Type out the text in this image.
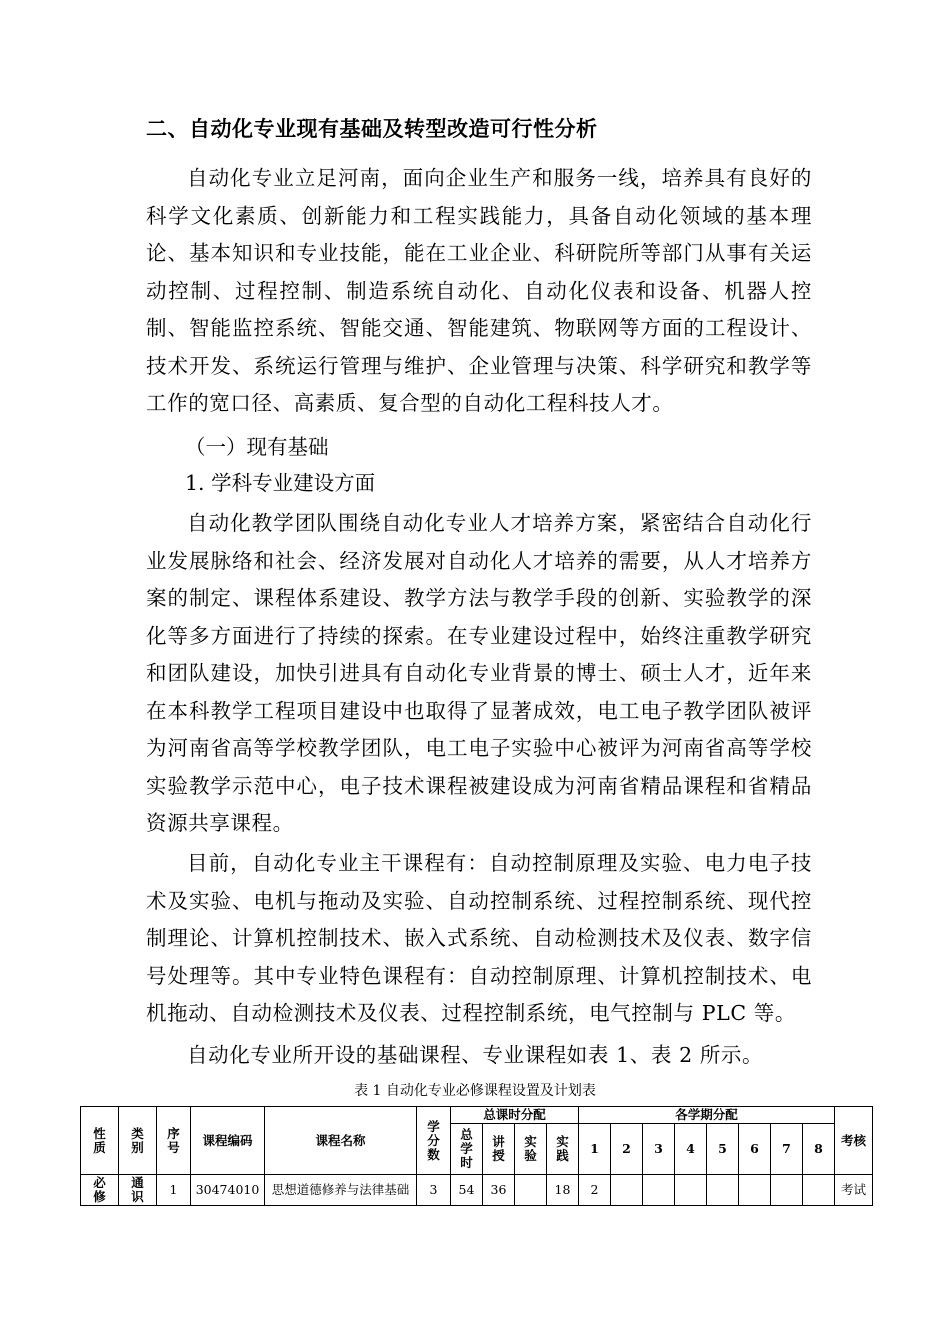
二、自动化专业现有基础及转型改造可行性分析

自动化专业立足河南，面向企业生产和服务一线，培养具有良好的科学文化素质、创新能力和工程实践能力，具备自动化领域的基本理论、基本知识和专业技能，能在工业企业、科研院所等部门从事有关运动控制、过程控制、制造系统自动化、自动化仪表和设备、机器人控制、智能监控系统、智能交通、智能建筑、物联网等方面的工程设计、技术开发、系统运行管理与维护、企业管理与决策、科学研究和教学等工作的宽口径、高素质、复合型的自动化工程科技人才。

（一）现有基础
1. 学科专业建设方面

自动化教学团队围绕自动化专业人才培养方案，紧密结合自动化行业发展脉络和社会、经济发展对自动化人才培养的需要，从人才培养方案的制定、课程体系建设、教学方法与教学手段的创新、实验教学的深化等多方面进行了持续的探索。在专业建设过程中，始终注重教学研究和团队建设，加快引进具有自动化专业背景的博士、硕士人才，近年来在本科教学工程项目建设中也取得了显著成效，电工电子教学团队被评为河南省高等学校教学团队，电工电子实验中心被评为河南省高等学校实验教学示范中心，电子技术课程被建设成为河南省精品课程和省精品资源共享课程。

目前，自动化专业主干课程有：自动控制原理及实验、电力电子技术及实验、电机与拖动及实验、自动控制系统、过程控制系统、现代控制理论、计算机控制技术、嵌入式系统、自动检测技术及仪表、数字信号处理等。其中专业特色课程有：自动控制原理、计算机控制技术、电机拖动、自动检测技术及仪表、过程控制系统，电气控制与 PLC 等。

自动化专业所开设的基础课程、专业课程如表 1、表 2 所示。

表 1 自动化专业必修课程设置及计划表
性质	类别	序号	课程编码	课程名称	学分数	总课时分配				各学期分配								考核
						总学时	讲授	实验	实践	1	2	3	4	5	6	7	8	
必修	通识	1	30474010	思想道德修养与法律基础	3	54	36		18	2								考试
